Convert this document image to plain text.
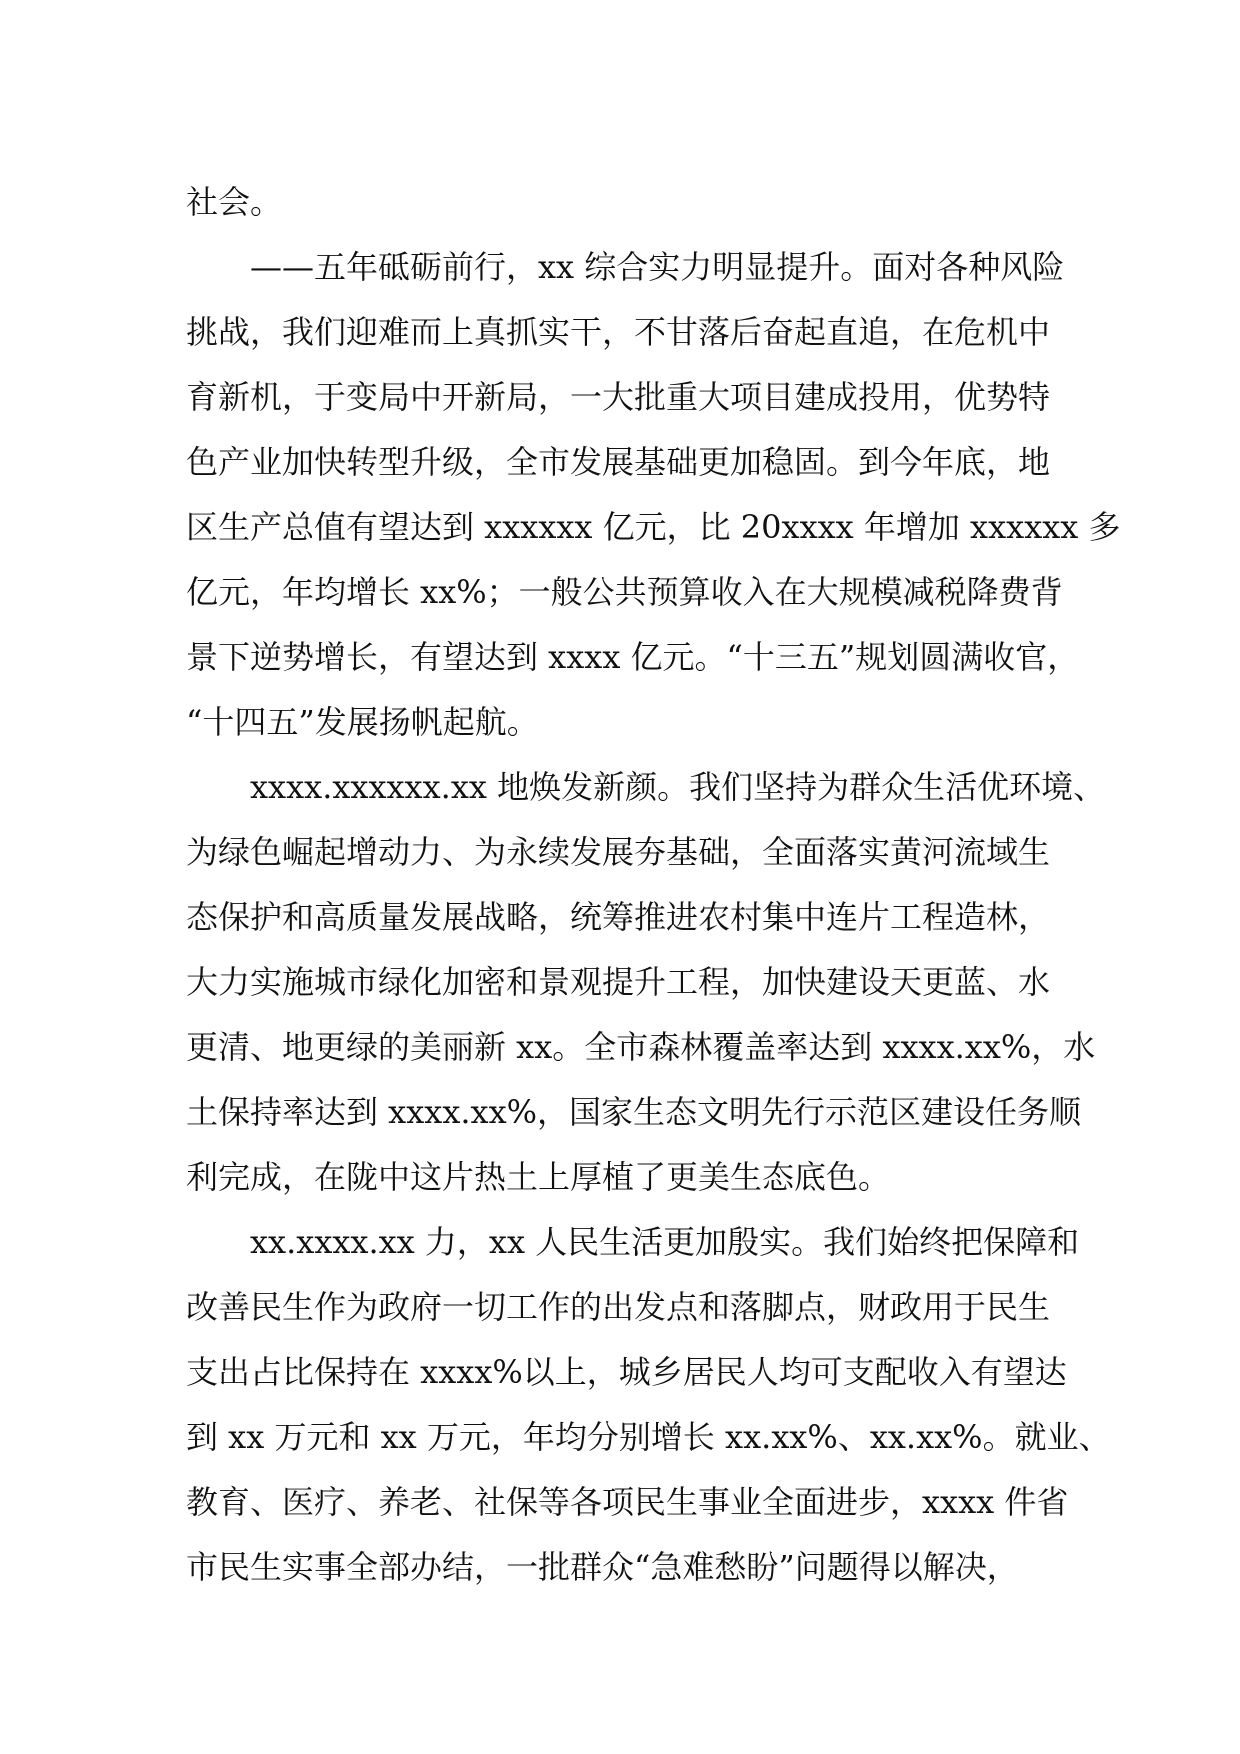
社会。
——五年砥砺前行，xx 综合实力明显提升。面对各种风险
挑战，我们迎难而上真抓实干，不甘落后奋起直追，在危机中
育新机，于变局中开新局，一大批重大项目建成投用，优势特
色产业加快转型升级，全市发展基础更加稳固。到今年底，地
区生产总值有望达到 xxxxxx 亿元，比 20xxxx 年增加 xxxxxx 多
亿元，年均增长 xx%；一般公共预算收入在大规模减税降费背
景下逆势增长，有望达到 xxxx 亿元。“十三五”规划圆满收官，
“十四五”发展扬帆起航。
xxxx.xxxxxx.xx 地焕发新颜。我们坚持为群众生活优环境、
为绿色崛起增动力、为永续发展夯基础，全面落实黄河流域生
态保护和高质量发展战略，统筹推进农村集中连片工程造林，
大力实施城市绿化加密和景观提升工程，加快建设天更蓝、水
更清、地更绿的美丽新 xx。全市森林覆盖率达到 xxxx.xx%，水
土保持率达到 xxxx.xx%，国家生态文明先行示范区建设任务顺
利完成，在陇中这片热土上厚植了更美生态底色。
xx.xxxx.xx 力，xx 人民生活更加殷实。我们始终把保障和
改善民生作为政府一切工作的出发点和落脚点，财政用于民生
支出占比保持在 xxxx%以上，城乡居民人均可支配收入有望达
到 xx 万元和 xx 万元，年均分别增长 xx.xx%、xx.xx%。就业、
教育、医疗、养老、社保等各项民生事业全面进步，xxxx 件省
市民生实事全部办结，一批群众“急难愁盼”问题得以解决，
